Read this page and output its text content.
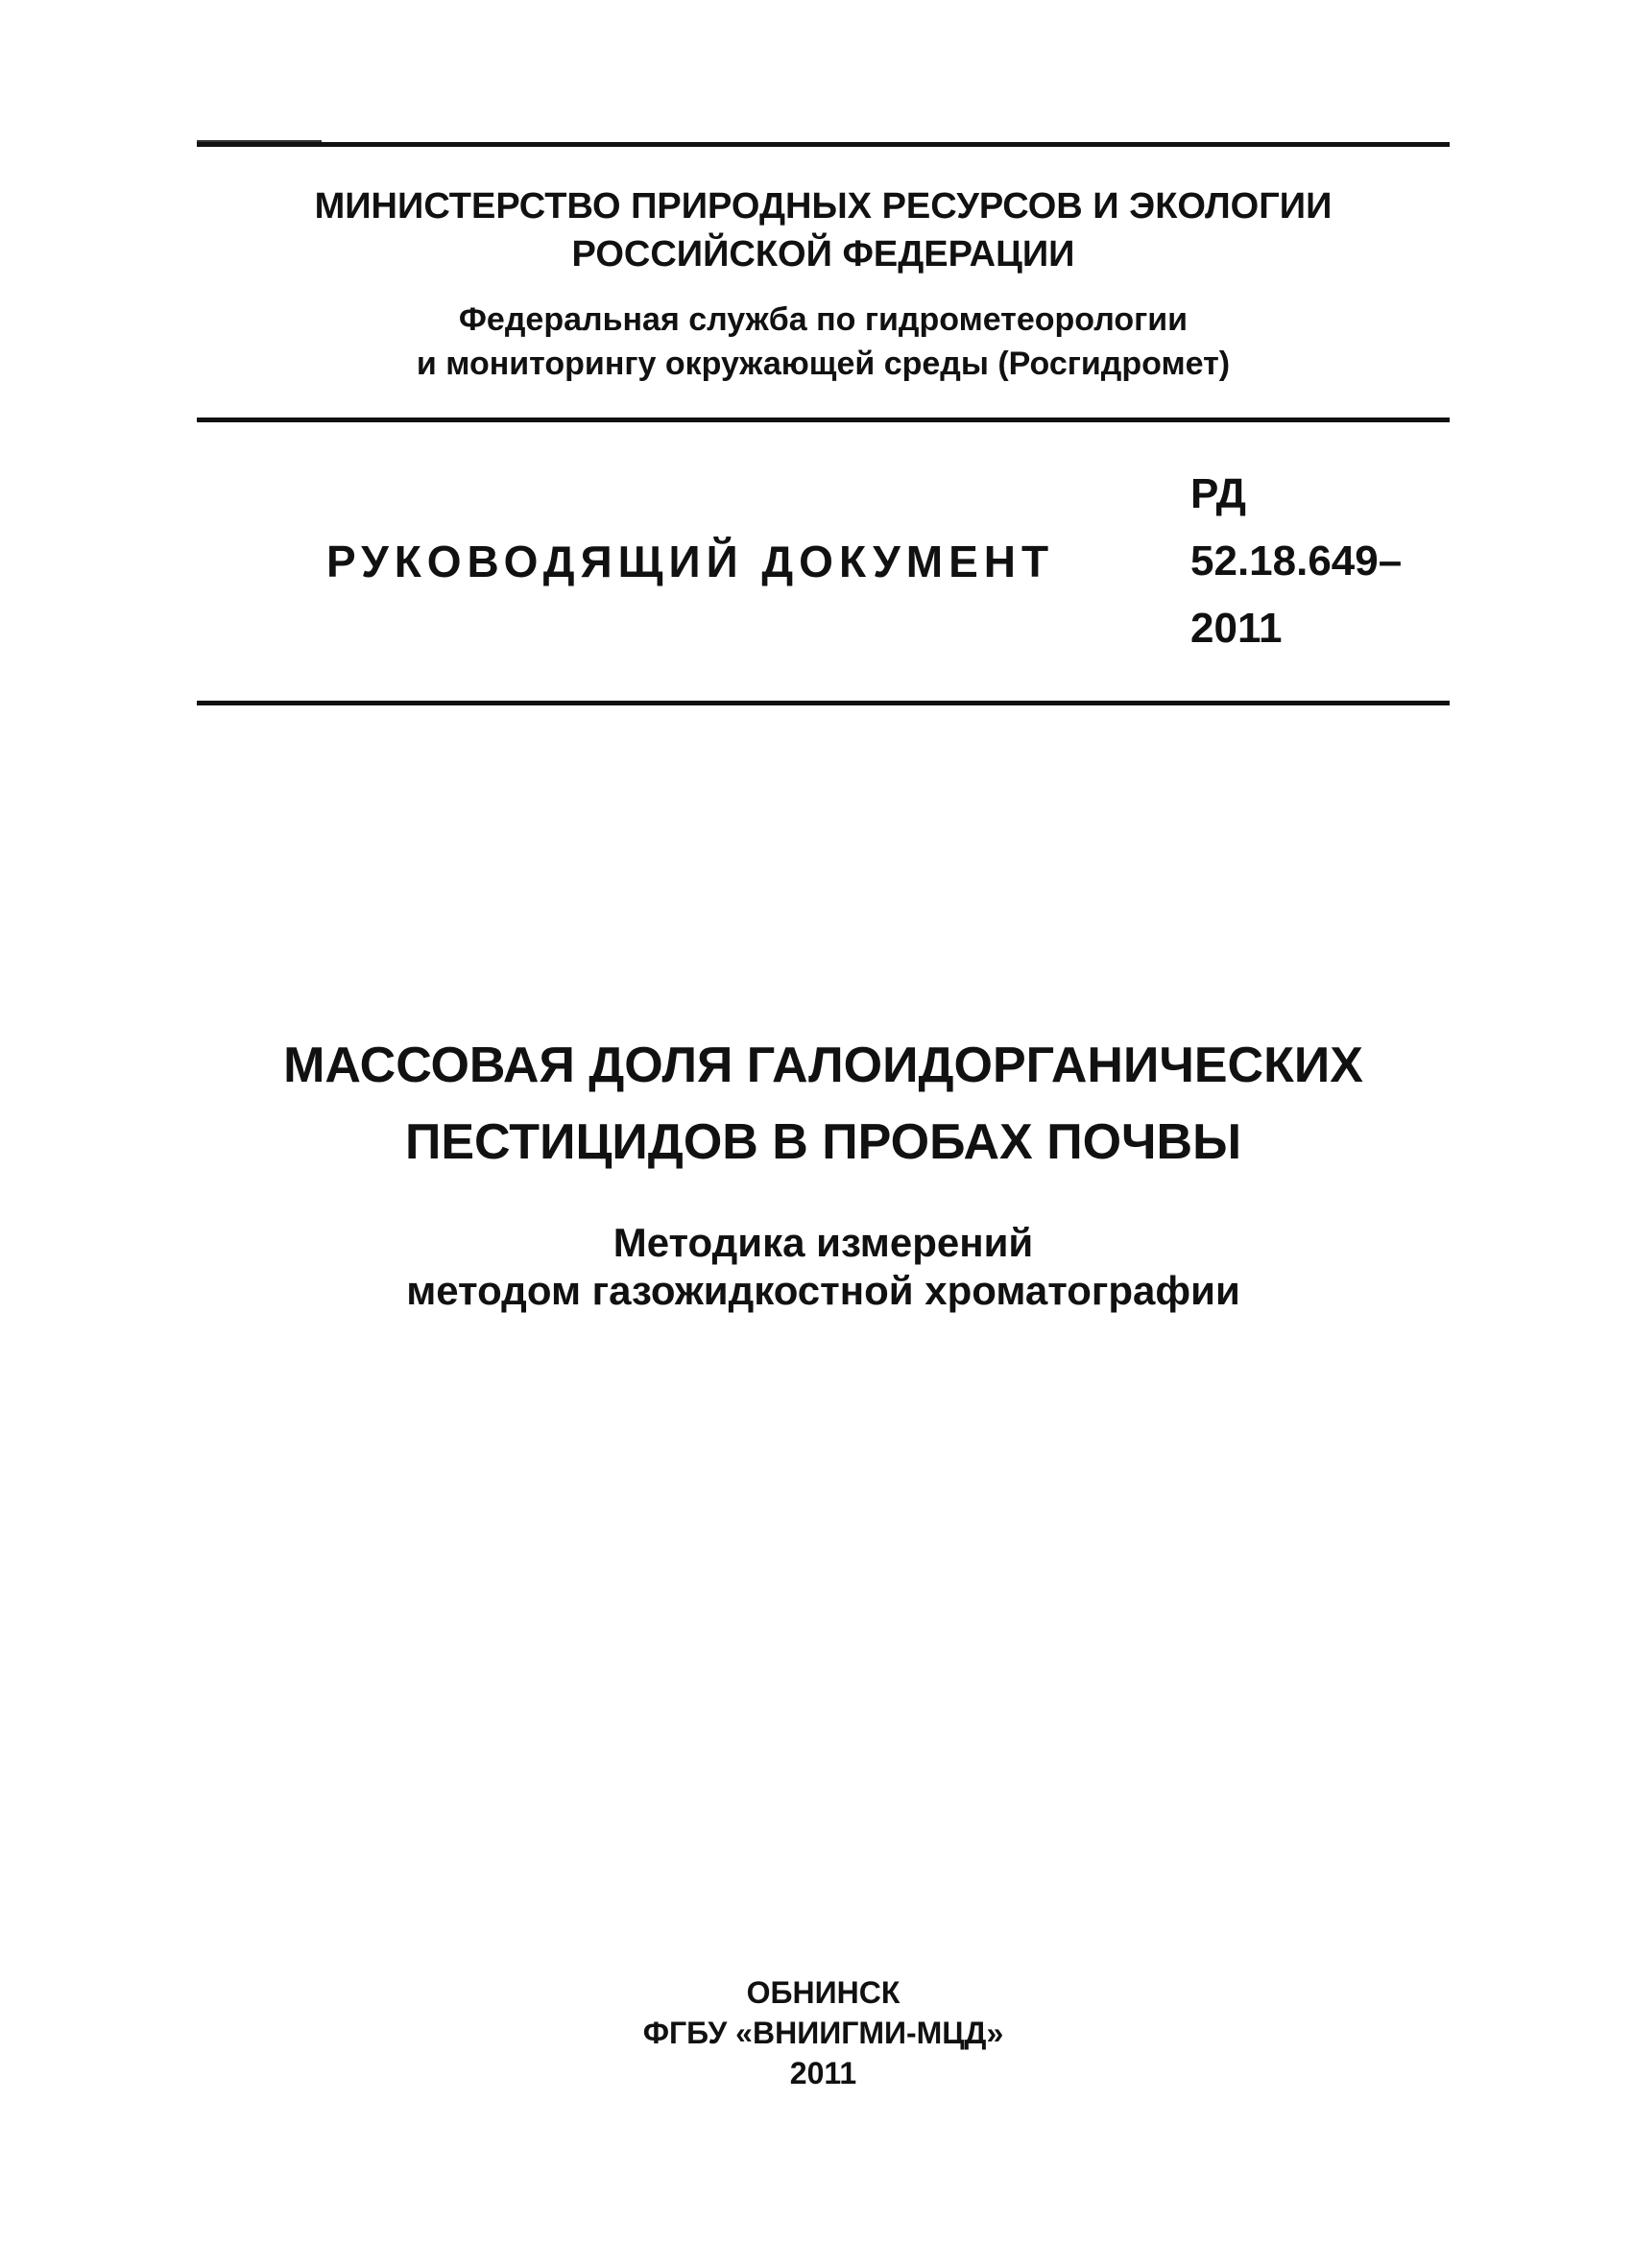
МИНИСТЕРСТВО ПРИРОДНЫХ РЕСУРСОВ И ЭКОЛОГИИ
РОССИЙСКОЙ ФЕДЕРАЦИИ
Федеральная служба по гидрометеорологии
и мониторингу окружающей среды (Росгидромет)
РУКОВОДЯЩИЙ ДОКУМЕНТ
РД
52.18.649–
2011
МАССОВАЯ ДОЛЯ ГАЛОИДОРГАНИЧЕСКИХ
ПЕСТИЦИДОВ В ПРОБАХ ПОЧВЫ
Методика измерений
методом газожидкостной хроматографии
ОБНИНСК
ФГБУ «ВНИИГМИ-МЦД»
2011
